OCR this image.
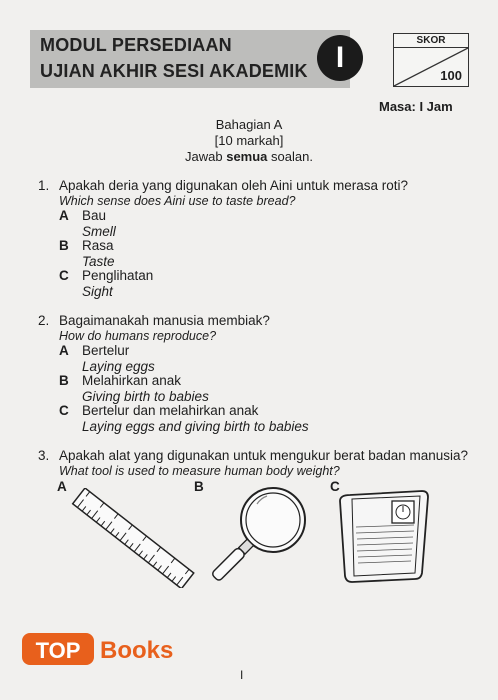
MODUL PERSEDIAAN
UJIAN AKHIR SESI AKADEMIK I
SKOR
100
Masa: I Jam
Bahagian A
[10 markah]
Jawab semua soalan.
1. Apakah deria yang digunakan oleh Aini untuk merasa roti?
Which sense does Aini use to taste bread?
A Bau
Smell
B Rasa
Taste
C Penglihatan
Sight
2. Bagaimanakah manusia membiak?
How do humans reproduce?
A Bertelur
Laying eggs
B Melahirkan anak
Giving birth to babies
C Bertelur dan melahirkan anak
Laying eggs and giving birth to babies
3. Apakah alat yang digunakan untuk mengukur berat badan manusia?
What tool is used to measure human body weight?
A	B	C
TOP Books
I
